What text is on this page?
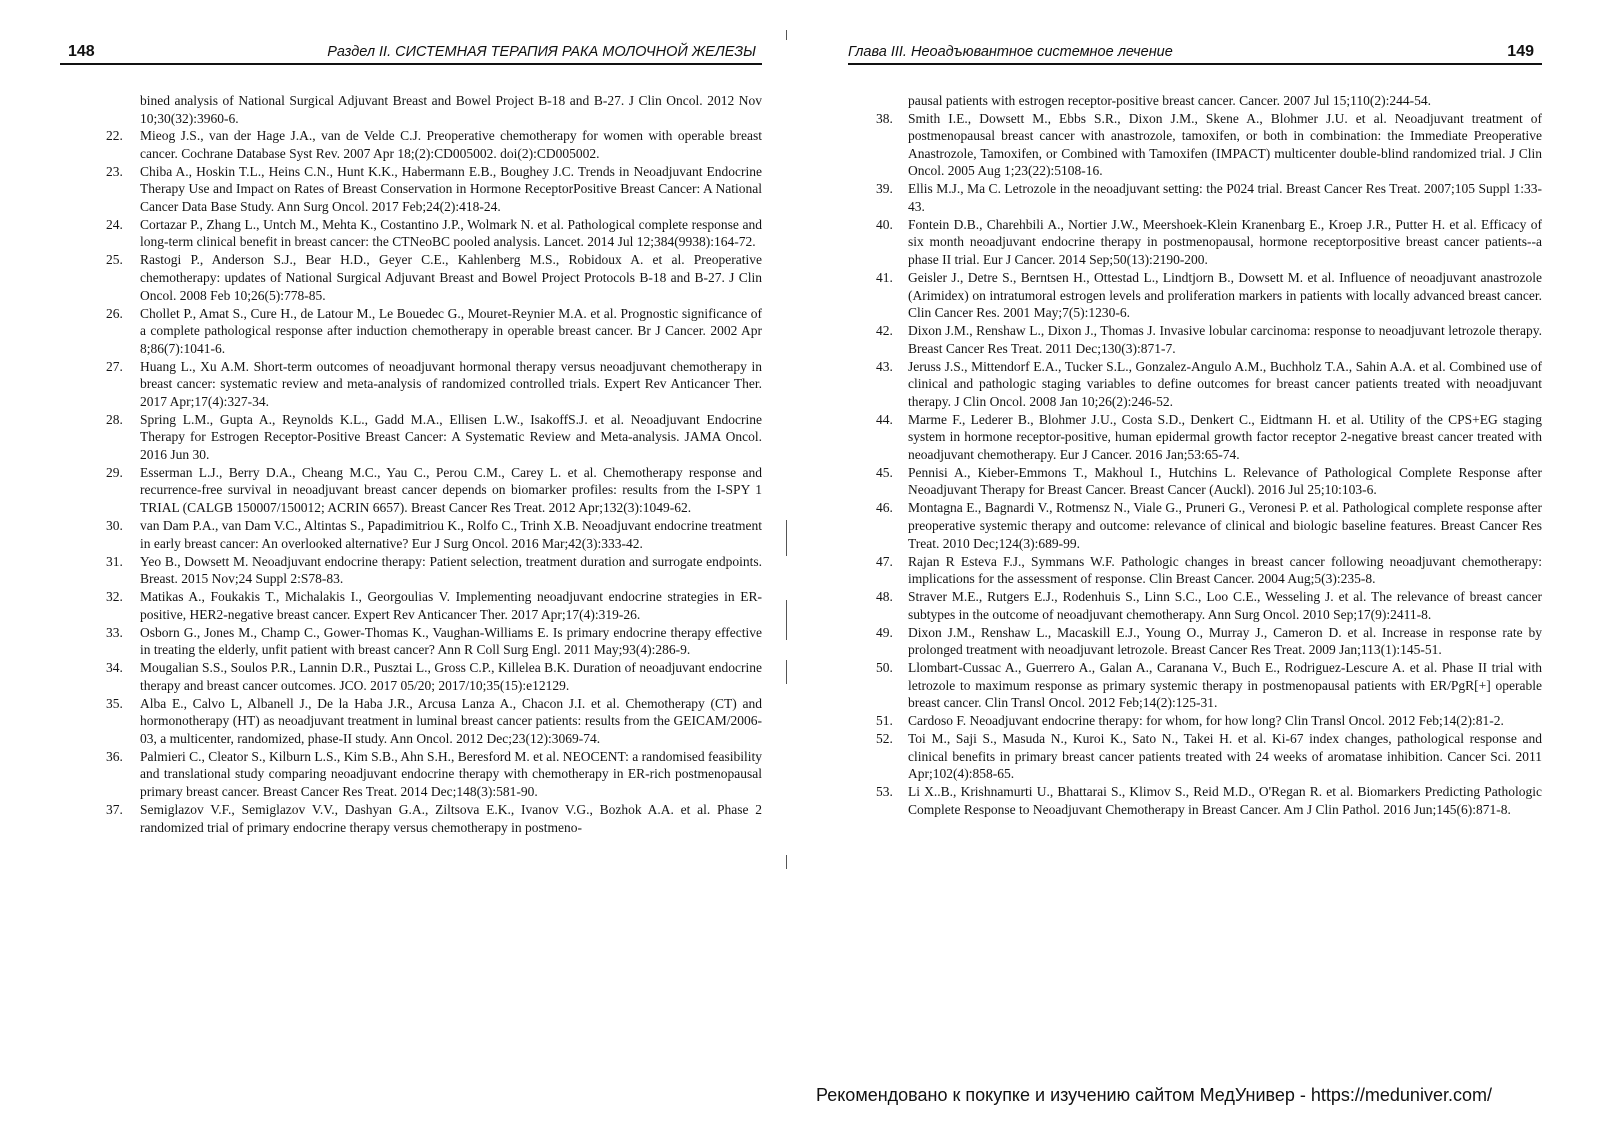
148	Раздел II. СИСТЕМНАЯ ТЕРАПИЯ РАКА МОЛОЧНОЙ ЖЕЛЕЗЫ
bined analysis of National Surgical Adjuvant Breast and Bowel Project B-18 and B-27. J Clin Oncol. 2012 Nov 10;30(32):3960-6.
22.	Mieog J.S., van der Hage J.A., van de Velde C.J. Preoperative chemotherapy for women with operable breast cancer. Cochrane Database Syst Rev. 2007 Apr 18;(2):CD005002. doi(2):CD005002.
23.	Chiba A., Hoskin T.L., Heins C.N., Hunt K.K., Habermann E.B., Boughey J.C. Trends in Neoadjuvant Endocrine Therapy Use and Impact on Rates of Breast Conservation in Hormone ReceptorPositive Breast Cancer: A National Cancer Data Base Study. Ann Surg Oncol. 2017 Feb;24(2):418-24.
24.	Cortazar P., Zhang L., Untch M., Mehta K., Costantino J.P., Wolmark N. et al. Pathological complete response and long-term clinical benefit in breast cancer: the CTNeoBC pooled analysis. Lancet. 2014 Jul 12;384(9938):164-72.
25.	Rastogi P., Anderson S.J., Bear H.D., Geyer C.E., Kahlenberg M.S., Robidoux A. et al. Preoperative chemotherapy: updates of National Surgical Adjuvant Breast and Bowel Project Protocols B-18 and B-27. J Clin Oncol. 2008 Feb 10;26(5):778-85.
26.	Chollet P., Amat S., Cure H., de Latour M., Le Bouedec G., Mouret-Reynier M.A. et al. Prognostic significance of a complete pathological response after induction chemotherapy in operable breast cancer. Br J Cancer. 2002 Apr 8;86(7):1041-6.
27.	Huang L., Xu A.M. Short-term outcomes of neoadjuvant hormonal therapy versus neoadjuvant chemotherapy in breast cancer: systematic review and meta-analysis of randomized controlled trials. Expert Rev Anticancer Ther. 2017 Apr;17(4):327-34.
28.	Spring L.M., Gupta A., Reynolds K.L., Gadd M.A., Ellisen L.W., IsakoffS.J. et al. Neoadjuvant Endocrine Therapy for Estrogen Receptor-Positive Breast Cancer: A Systematic Review and Meta-analysis. JAMA Oncol. 2016 Jun 30.
29.	Esserman L.J., Berry D.A., Cheang M.C., Yau C., Perou C.M., Carey L. et al. Chemotherapy response and recurrence-free survival in neoadjuvant breast cancer depends on biomarker profiles: results from the I-SPY 1 TRIAL (CALGB 150007/150012; ACRIN 6657). Breast Cancer Res Treat. 2012 Apr;132(3):1049-62.
30.	van Dam P.A., van Dam V.C., Altintas S., Papadimitriou K., Rolfo C., Trinh X.B. Neoadjuvant endocrine treatment in early breast cancer: An overlooked alternative? Eur J Surg Oncol. 2016 Mar;42(3):333-42.
31.	Yeo B., Dowsett M. Neoadjuvant endocrine therapy: Patient selection, treatment duration and surrogate endpoints. Breast. 2015 Nov;24 Suppl 2:S78-83.
32.	Matikas A., Foukakis T., Michalakis I., Georgoulias V. Implementing neoadjuvant endocrine strategies in ER-positive, HER2-negative breast cancer. Expert Rev Anticancer Ther. 2017 Apr;17(4):319-26.
33.	Osborn G., Jones M., Champ C., Gower-Thomas K., Vaughan-Williams E. Is primary endocrine therapy effective in treating the elderly, unfit patient with breast cancer? Ann R Coll Surg Engl. 2011 May;93(4):286-9.
34.	Mougalian S.S., Soulos P.R., Lannin D.R., Pusztai L., Gross C.P., Killelea B.K. Duration of neoadjuvant endocrine therapy and breast cancer outcomes. JCO. 2017 05/20; 2017/10;35(15):e12129.
35.	Alba E., Calvo L, Albanell J., De la Haba J.R., Arcusa Lanza A., Chacon J.I. et al. Chemotherapy (CT) and hormonotherapy (HT) as neoadjuvant treatment in luminal breast cancer patients: results from the GEICAM/2006-03, a multicenter, randomized, phase-II study. Ann Oncol. 2012 Dec;23(12):3069-74.
36.	Palmieri C., Cleator S., Kilburn L.S., Kim S.B., Ahn S.H., Beresford M. et al. NEOCENT: a randomised feasibility and translational study comparing neoadjuvant endocrine therapy with chemotherapy in ER-rich postmenopausal primary breast cancer. Breast Cancer Res Treat. 2014 Dec;148(3):581-90.
37.	Semiglazov V.F., Semiglazov V.V., Dashyan G.A., Ziltsova E.K., Ivanov V.G., Bozhok A.A. et al. Phase 2 randomized trial of primary endocrine therapy versus chemotherapy in postmeno-
Глава III. Неоадъювантное системное лечение	149
pausal patients with estrogen receptor-positive breast cancer. Cancer. 2007 Jul 15;110(2):244-54.
38.	Smith I.E., Dowsett M., Ebbs S.R., Dixon J.M., Skene A., Blohmer J.U. et al. Neoadjuvant treatment of postmenopausal breast cancer with anastrozole, tamoxifen, or both in combination: the Immediate Preoperative Anastrozole, Tamoxifen, or Combined with Tamoxifen (IMPACT) multicenter double-blind randomized trial. J Clin Oncol. 2005 Aug 1;23(22):5108-16.
39.	Ellis M.J., Ma C. Letrozole in the neoadjuvant setting: the P024 trial. Breast Cancer Res Treat. 2007;105 Suppl 1:33-43.
40.	Fontein D.B., Charehbili A., Nortier J.W., Meershoek-Klein Kranenbarg E., Kroep J.R., Putter H. et al. Efficacy of six month neoadjuvant endocrine therapy in postmenopausal, hormone receptorpositive breast cancer patients--a phase II trial. Eur J Cancer. 2014 Sep;50(13):2190-200.
41.	Geisler J., Detre S., Berntsen H., Ottestad L., Lindtjorn B., Dowsett M. et al. Influence of neoadjuvant anastrozole (Arimidex) on intratumoral estrogen levels and proliferation markers in patients with locally advanced breast cancer. Clin Cancer Res. 2001 May;7(5):1230-6.
42.	Dixon J.M., Renshaw L., Dixon J., Thomas J. Invasive lobular carcinoma: response to neoadjuvant letrozole therapy. Breast Cancer Res Treat. 2011 Dec;130(3):871-7.
43.	Jeruss J.S., Mittendorf E.A., Tucker S.L., Gonzalez-Angulo A.M., Buchholz T.A., Sahin A.A. et al. Combined use of clinical and pathologic staging variables to define outcomes for breast cancer patients treated with neoadjuvant therapy. J Clin Oncol. 2008 Jan 10;26(2):246-52.
44.	Marme F., Lederer B., Blohmer J.U., Costa S.D., Denkert C., Eidtmann H. et al. Utility of the CPS+EG staging system in hormone receptor-positive, human epidermal growth factor receptor 2-negative breast cancer treated with neoadjuvant chemotherapy. Eur J Cancer. 2016 Jan;53:65-74.
45.	Pennisi A., Kieber-Emmons T., Makhoul I., Hutchins L. Relevance of Pathological Complete Response after Neoadjuvant Therapy for Breast Cancer. Breast Cancer (Auckl). 2016 Jul 25;10:103-6.
46.	Montagna E., Bagnardi V., Rotmensz N., Viale G., Pruneri G., Veronesi P. et al. Pathological complete response after preoperative systemic therapy and outcome: relevance of clinical and biologic baseline features. Breast Cancer Res Treat. 2010 Dec;124(3):689-99.
47.	Rajan R Esteva F.J., Symmans W.F. Pathologic changes in breast cancer following neoadjuvant chemotherapy: implications for the assessment of response. Clin Breast Cancer. 2004 Aug;5(3):235-8.
48.	Straver M.E., Rutgers E.J., Rodenhuis S., Linn S.C., Loo C.E., Wesseling J. et al. The relevance of breast cancer subtypes in the outcome of neoadjuvant chemotherapy. Ann Surg Oncol. 2010 Sep;17(9):2411-8.
49.	Dixon J.M., Renshaw L., Macaskill E.J., Young O., Murray J., Cameron D. et al. Increase in response rate by prolonged treatment with neoadjuvant letrozole. Breast Cancer Res Treat. 2009 Jan;113(1):145-51.
50.	Llombart-Cussac A., Guerrero A., Galan A., Caranana V., Buch E., Rodriguez-Lescure A. et al. Phase II trial with letrozole to maximum response as primary systemic therapy in postmenopausal patients with ER/PgR[+] operable breast cancer. Clin Transl Oncol. 2012 Feb;14(2):125-31.
51.	Cardoso F. Neoadjuvant endocrine therapy: for whom, for how long? Clin Transl Oncol. 2012 Feb;14(2):81-2.
52.	Toi M., Saji S., Masuda N., Kuroi K., Sato N., Takei H. et al. Ki-67 index changes, pathological response and clinical benefits in primary breast cancer patients treated with 24 weeks of aromatase inhibition. Cancer Sci. 2011 Apr;102(4):858-65.
53.	Li X..B., Krishnamurti U., Bhattarai S., Klimov S., Reid M.D., O'Regan R. et al. Biomarkers Predicting Pathologic Complete Response to Neoadjuvant Chemotherapy in Breast Cancer. Am J Clin Pathol. 2016 Jun;145(6):871-8.
Рекомендовано к покупке и изучению сайтом МедУнивер - https://meduniver.com/
